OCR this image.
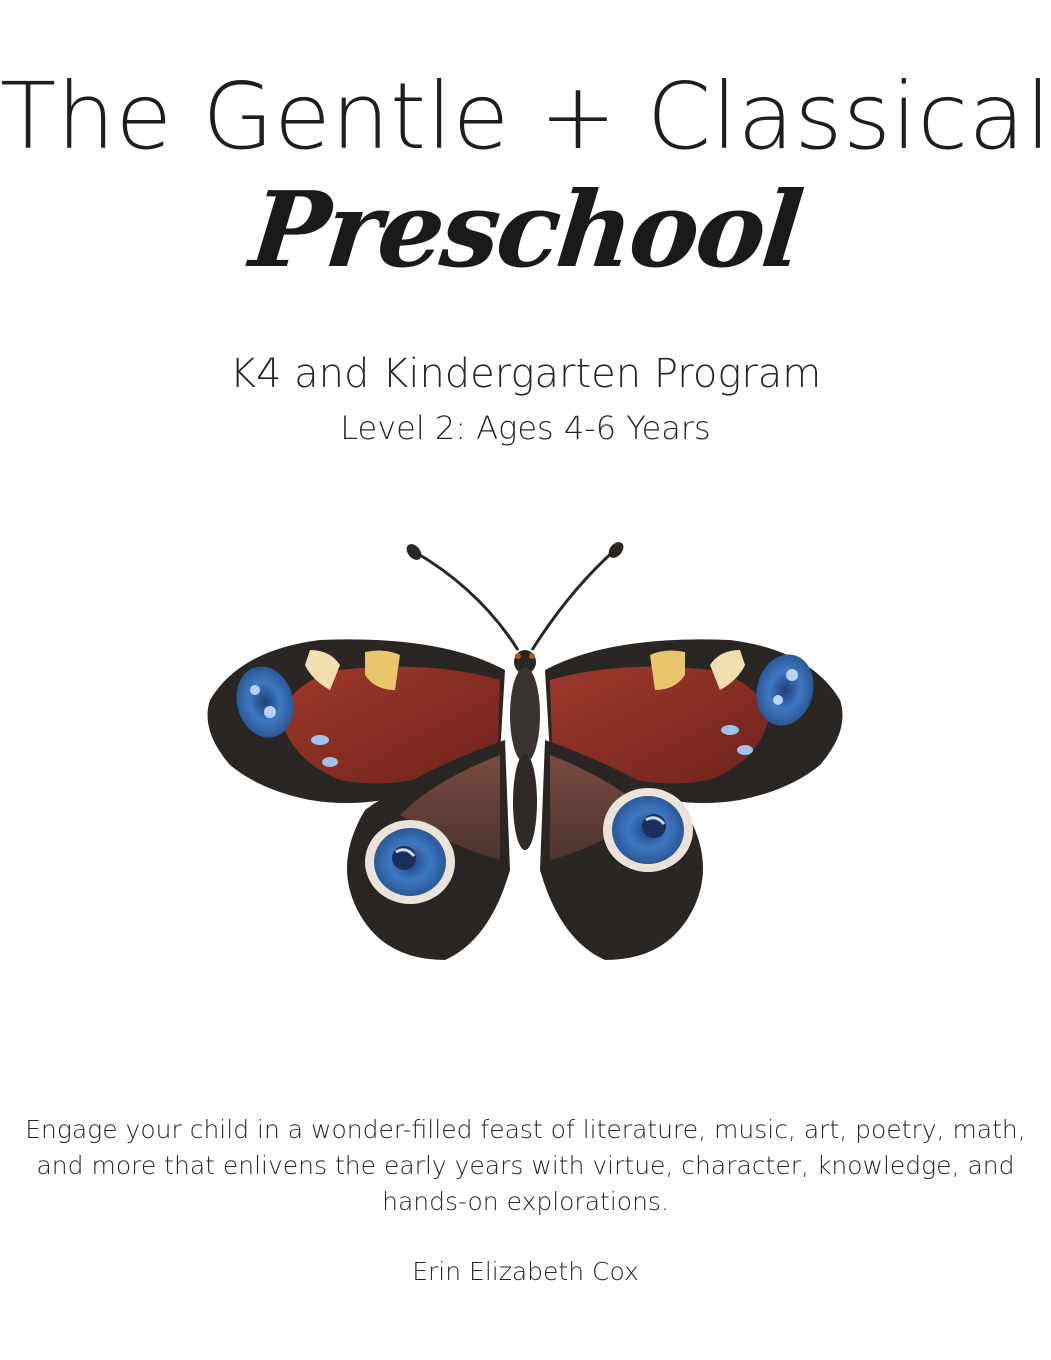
The Gentle + Classical
Preschool
K4 and Kindergarten Program
Level 2: Ages 4-6 Years
Engage your child in a wonder-filled feast of literature, music, art, poetry, math, and more that enlivens the early years with virtue, character, knowledge, and hands-on explorations.
Erin Elizabeth Cox
